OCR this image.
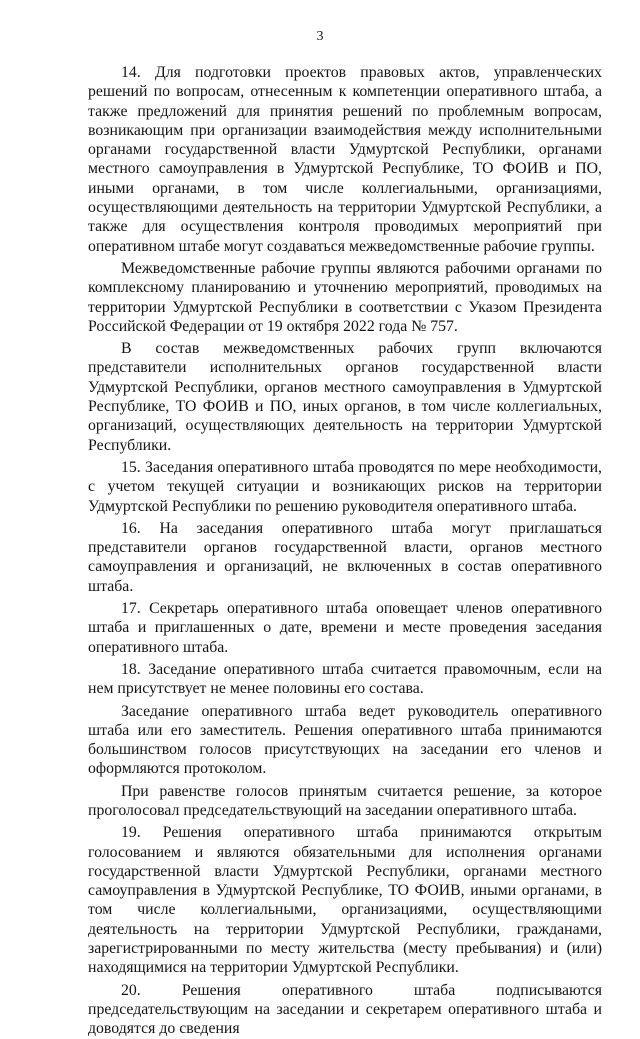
3

14. Для подготовки проектов правовых актов, управленческих решений по вопросам, отнесенным к компетенции оперативного штаба, а также предложений для принятия решений по проблемным вопросам, возникающим при организации взаимодействия между исполнительными органами государственной власти Удмуртской Республики, органами местного самоуправления в Удмуртской Республике, ТО ФОИВ и ПО, иными органами, в том числе коллегиальными, организациями, осуществляющими деятельность на территории Удмуртской Республики, а также для осуществления контроля проводимых мероприятий при оперативном штабе могут создаваться межведомственные рабочие группы.

Межведомственные рабочие группы являются рабочими органами по комплексному планированию и уточнению мероприятий, проводимых на территории Удмуртской Республики в соответствии с Указом Президента Российской Федерации от 19 октября 2022 года № 757.

В состав межведомственных рабочих групп включаются представители исполнительных органов государственной власти Удмуртской Республики, органов местного самоуправления в Удмуртской Республике, ТО ФОИВ и ПО, иных органов, в том числе коллегиальных, организаций, осуществляющих деятельность на территории Удмуртской Республики.

15. Заседания оперативного штаба проводятся по мере необходимости, с учетом текущей ситуации и возникающих рисков на территории Удмуртской Республики по решению руководителя оперативного штаба.

16. На заседания оперативного штаба могут приглашаться представители органов государственной власти, органов местного самоуправления и организаций, не включенных в состав оперативного штаба.

17. Секретарь оперативного штаба оповещает членов оперативного штаба и приглашенных о дате, времени и месте проведения заседания оперативного штаба.

18. Заседание оперативного штаба считается правомочным, если на нем присутствует не менее половины его состава.

Заседание оперативного штаба ведет руководитель оперативного штаба или его заместитель. Решения оперативного штаба принимаются большинством голосов присутствующих на заседании его членов и оформляются протоколом.

При равенстве голосов принятым считается решение, за которое проголосовал председательствующий на заседании оперативного штаба.

19. Решения оперативного штаба принимаются открытым голосованием и являются обязательными для исполнения органами государственной власти Удмуртской Республики, органами местного самоуправления в Удмуртской Республике, ТО ФОИВ, иными органами, в том числе коллегиальными, организациями, осуществляющими деятельность на территории Удмуртской Республики, гражданами, зарегистрированными по месту жительства (месту пребывания) и (или) находящимися на территории Удмуртской Республики.

20. Решения оперативного штаба подписываются председательствующим на заседании и секретарем оперативного штаба и доводятся до сведения
